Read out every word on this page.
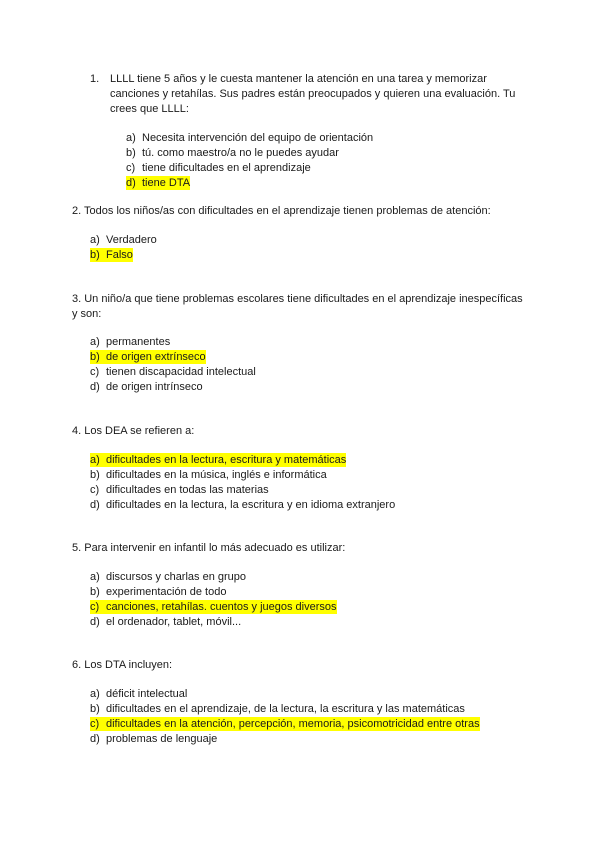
1. LLLL tiene 5 años y le cuesta mantener la atención en una tarea y memorizar
canciones y retahílas. Sus padres están preocupados y quieren una evaluación. Tu
crees que LLLL:
a) Necesita intervención del equipo de orientación
b) tú. como maestro/a no le puedes ayudar
c) tiene dificultades en el aprendizaje
d) tiene DTA
2. Todos los niños/as con dificultades en el aprendizaje tienen problemas de atención:
a) Verdadero
b) Falso
3. Un niño/a que tiene problemas escolares tiene dificultades en el aprendizaje inespecíficas
y son:
a) permanentes
b) de origen extrínseco
c) tienen discapacidad intelectual
d) de origen intrínseco
4. Los DEA se refieren a:
a) dificultades en la lectura, escritura y matemáticas
b) dificultades en la música, inglés e informática
c) dificultades en todas las materias
d) dificultades en la lectura, la escritura y en idioma extranjero
5. Para intervenir en infantil lo más adecuado es utilizar:
a) discursos y charlas en grupo
b) experimentación de todo
c) canciones, retahílas. cuentos y juegos diversos
d) el ordenador, tablet, móvil...
6. Los DTA incluyen:
a) déficit intelectual
b) dificultades en el aprendizaje, de la lectura, la escritura y las matemáticas
c) dificultades en la atención, percepción, memoria, psicomotricidad entre otras
d) problemas de lenguaje
